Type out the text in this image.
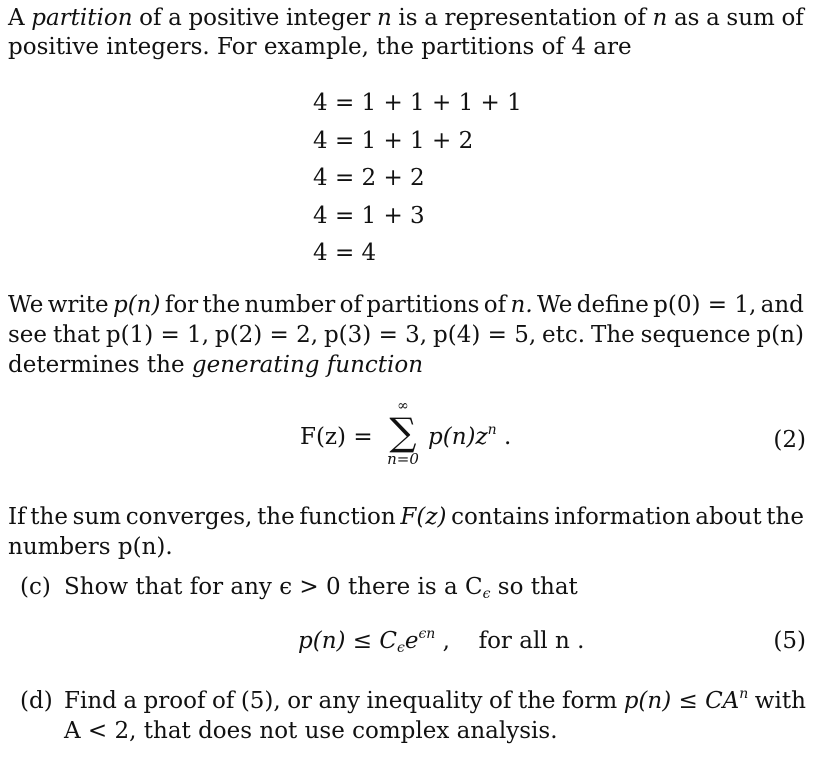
A partition of a positive integer n is a representation of n as a sum of
positive integers. For example, the partitions of 4 are
4 = 1 + 1 + 1 + 1
4 = 1 + 1 + 2
4 = 2 + 2
4 = 1 + 3
4 = 4
We write p(n) for the number of partitions of n. We define p(0) = 1, and
see that p(1) = 1, p(2) = 2, p(3) = 3, p(4) = 5, etc. The sequence p(n)
determines the generating function
F(z) =
∞
∑
n=0
$p(n)z^n$ .	(2)
If the sum converges, the function F(z) contains information about the
numbers p(n).
(c) Show that for any ϵ > 0 there is a $C_\epsilon$ so that
$p(n) \le C_\epsilon e^{\epsilon n}$ , for all n .	(5)
(d) Find a proof of (5), or any inequality of the form $p(n) \le CA^n$ with
A < 2, that does not use complex analysis.
